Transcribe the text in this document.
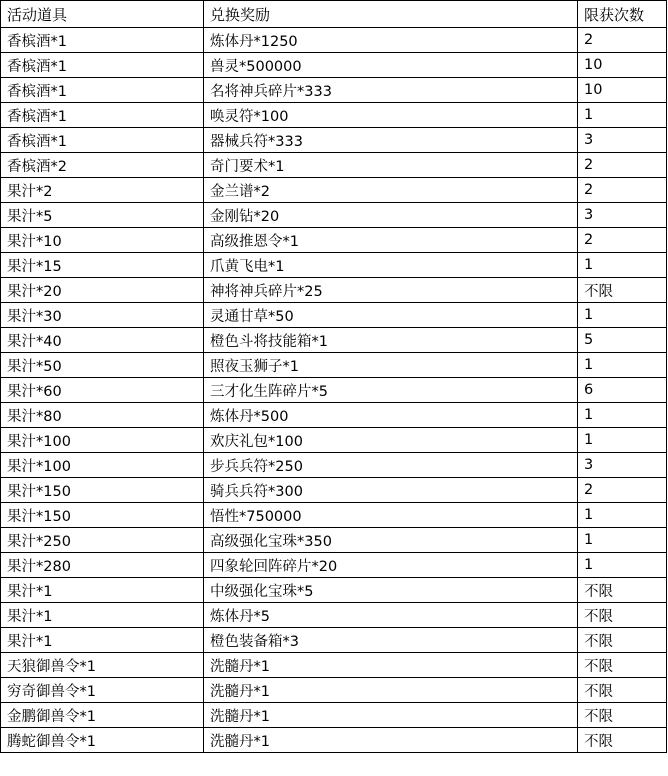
活动道具	兑换奖励	限获次数
香槟酒*1	炼体丹*1250	2
香槟酒*1	兽灵*500000	10
香槟酒*1	名将神兵碎片*333	10
香槟酒*1	唤灵符*100	1
香槟酒*1	器械兵符*333	3
香槟酒*2	奇门要术*1	2
果汁*2	金兰谱*2	2
果汁*5	金刚钻*20	3
果汁*10	高级推恩令*1	2
果汁*15	爪黄飞电*1	1
果汁*20	神将神兵碎片*25	不限
果汁*30	灵通甘草*50	1
果汁*40	橙色斗将技能箱*1	5
果汁*50	照夜玉狮子*1	1
果汁*60	三才化生阵碎片*5	6
果汁*80	炼体丹*500	1
果汁*100	欢庆礼包*100	1
果汁*100	步兵兵符*250	3
果汁*150	骑兵兵符*300	2
果汁*150	悟性*750000	1
果汁*250	高级强化宝珠*350	1
果汁*280	四象轮回阵碎片*20	1
果汁*1	中级强化宝珠*5	不限
果汁*1	炼体丹*5	不限
果汁*1	橙色装备箱*3	不限
天狼御兽令*1	洗髓丹*1	不限
穷奇御兽令*1	洗髓丹*1	不限
金鹏御兽令*1	洗髓丹*1	不限
腾蛇御兽令*1	洗髓丹*1	不限
